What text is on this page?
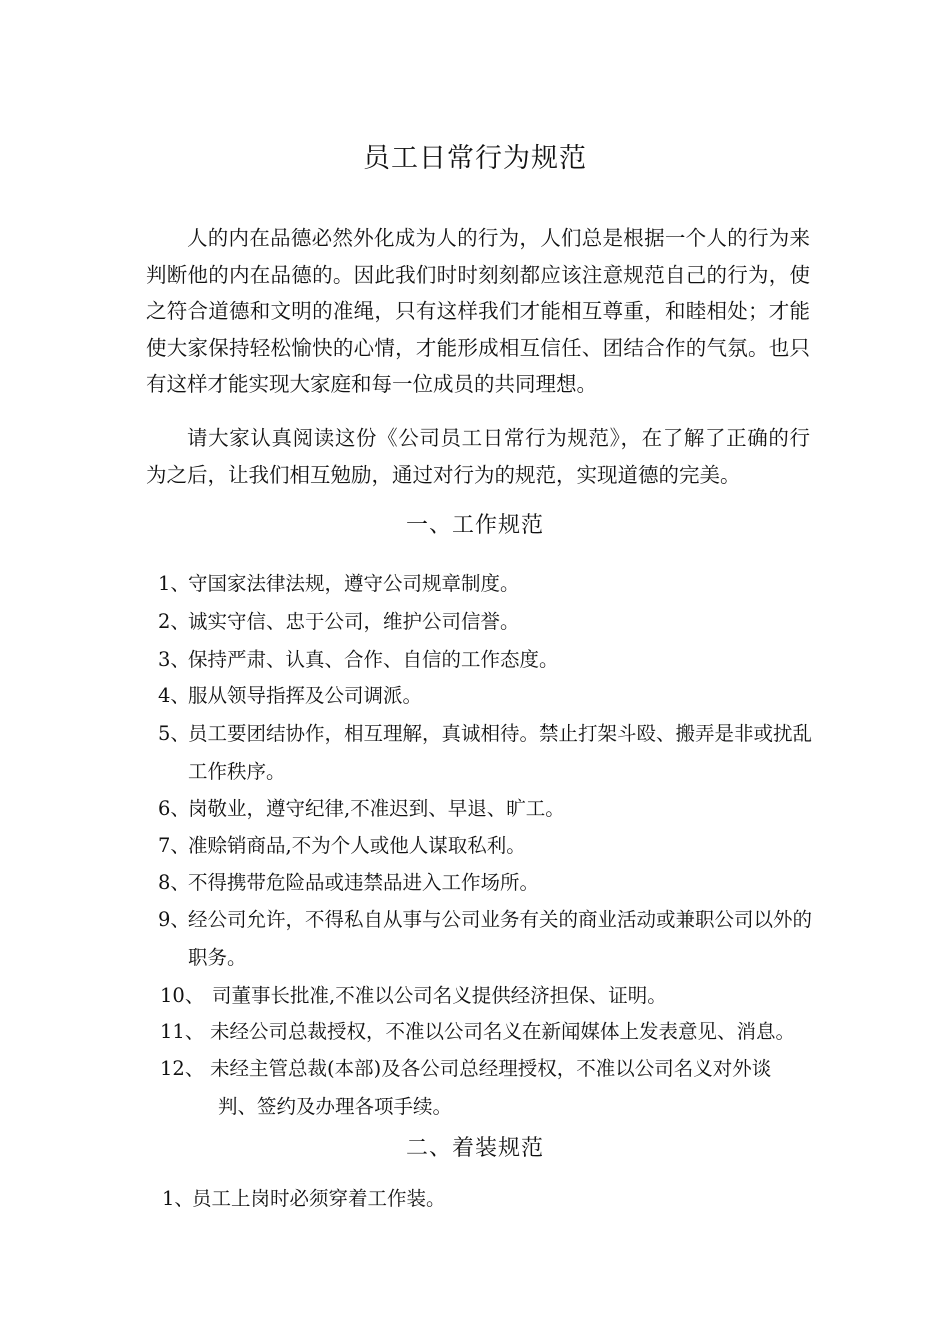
员工日常行为规范

人的内在品德必然外化成为人的行为，人们总是根据一个人的行为来判断他的内在品德的。因此我们时时刻刻都应该注意规范自己的行为，使之符合道德和文明的准绳，只有这样我们才能相互尊重，和睦相处；才能使大家保持轻松愉快的心情，才能形成相互信任、团结合作的气氛。也只有这样才能实现大家庭和每一位成员的共同理想。

请大家认真阅读这份《公司员工日常行为规范》，在了解了正确的行为之后，让我们相互勉励，通过对行为的规范，实现道德的完美。

一、工作规范
1、
守国家法律法规，遵守公司规章制度。
2、
诚实守信、忠于公司，维护公司信誉。
3、
保持严肃、认真、合作、自信的工作态度。
4、
服从领导指挥及公司调派。
5、
员工要团结协作，相互理解，真诚相待。禁止打架斗殴、搬弄是非或扰乱
工作秩序。
6、
岗敬业，遵守纪律,不准迟到、早退、旷工。
7、
准赊销商品,不为个人或他人谋取私利。
8、
不得携带危险品或违禁品进入工作场所。
9、
经公司允许，不得私自从事与公司业务有关的商业活动或兼职公司以外的
职务。
10、 司董事长批准,不准以公司名义提供经济担保、证明。
11、 未经公司总裁授权，不准以公司名义在新闻媒体上发表意见、消息。
12、 未经主管总裁(本部)及各公司总经理授权，不准以公司名义对外谈
判、签约及办理各项手续。
二、着装规范
1、
员工上岗时必须穿着工作装。
